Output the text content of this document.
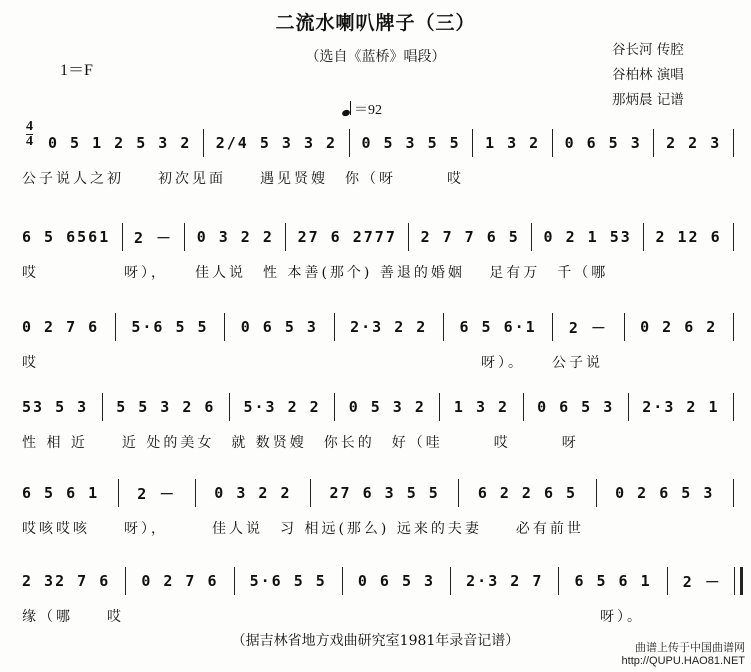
二流水喇叭牌子（三）
（选自《蓝桥》唱段）
1＝F
谷长河 传腔
谷柏林 演唱
那炳晨 记谱
＝92
4
4 0 5 1 2 5 3 2 2/4 5 3 3 2 0 5 3 5 5 1 3 2 0 6 5 3 2 2 3
公子说人之初　　初次见面　　遇见贤嫂　你（呀　　　哎
6 5 6561 2 － 0 3 2 2 27 6 2777 2 7 7 6 5 0 2 1 53 2 12 6
哎　　　　　呀），　　佳人说　性 本善(那个) 善退的婚姻　 足有万　千（哪
0 2 7 6 5·6 5 5 0 6 5 3 2·3 2 2 6 5 6·1 2 － 0 2 6 2
哎　　　　　　　　　　　　　　　　　　　　　　　　　　呀）。　　公子说
53 5 3 5 5 3 2 6 5·3 2 2 0 5 3 2 1 3 2 0 6 5 3 2·3 2 1
性 相 近　　近 处的美女　就 数贤嫂　你长的　好（哇　　　哎　　　呀
6 5 6 1	2 －	0 3 2 2	27 6 3 5 5	6 2 2 6 5	0 2 6 5 3
哎咳哎咳　　呀），　　　佳人说　习 相远(那么) 远来的夫妻　　必有前世
2 32 7 6 0 2 7 6 5·6 5 5 0 6 5 3 2·3 2 7 6 5 6 1 2 －
缘（哪　　哎　　　　　　　　　　　　　　　　　　　　　　　　　　　　呀）。
（据吉林省地方戏曲研究室1981年录音记谱）	曲谱上传于中国曲谱网
http://QUPU.HAO81.NET
